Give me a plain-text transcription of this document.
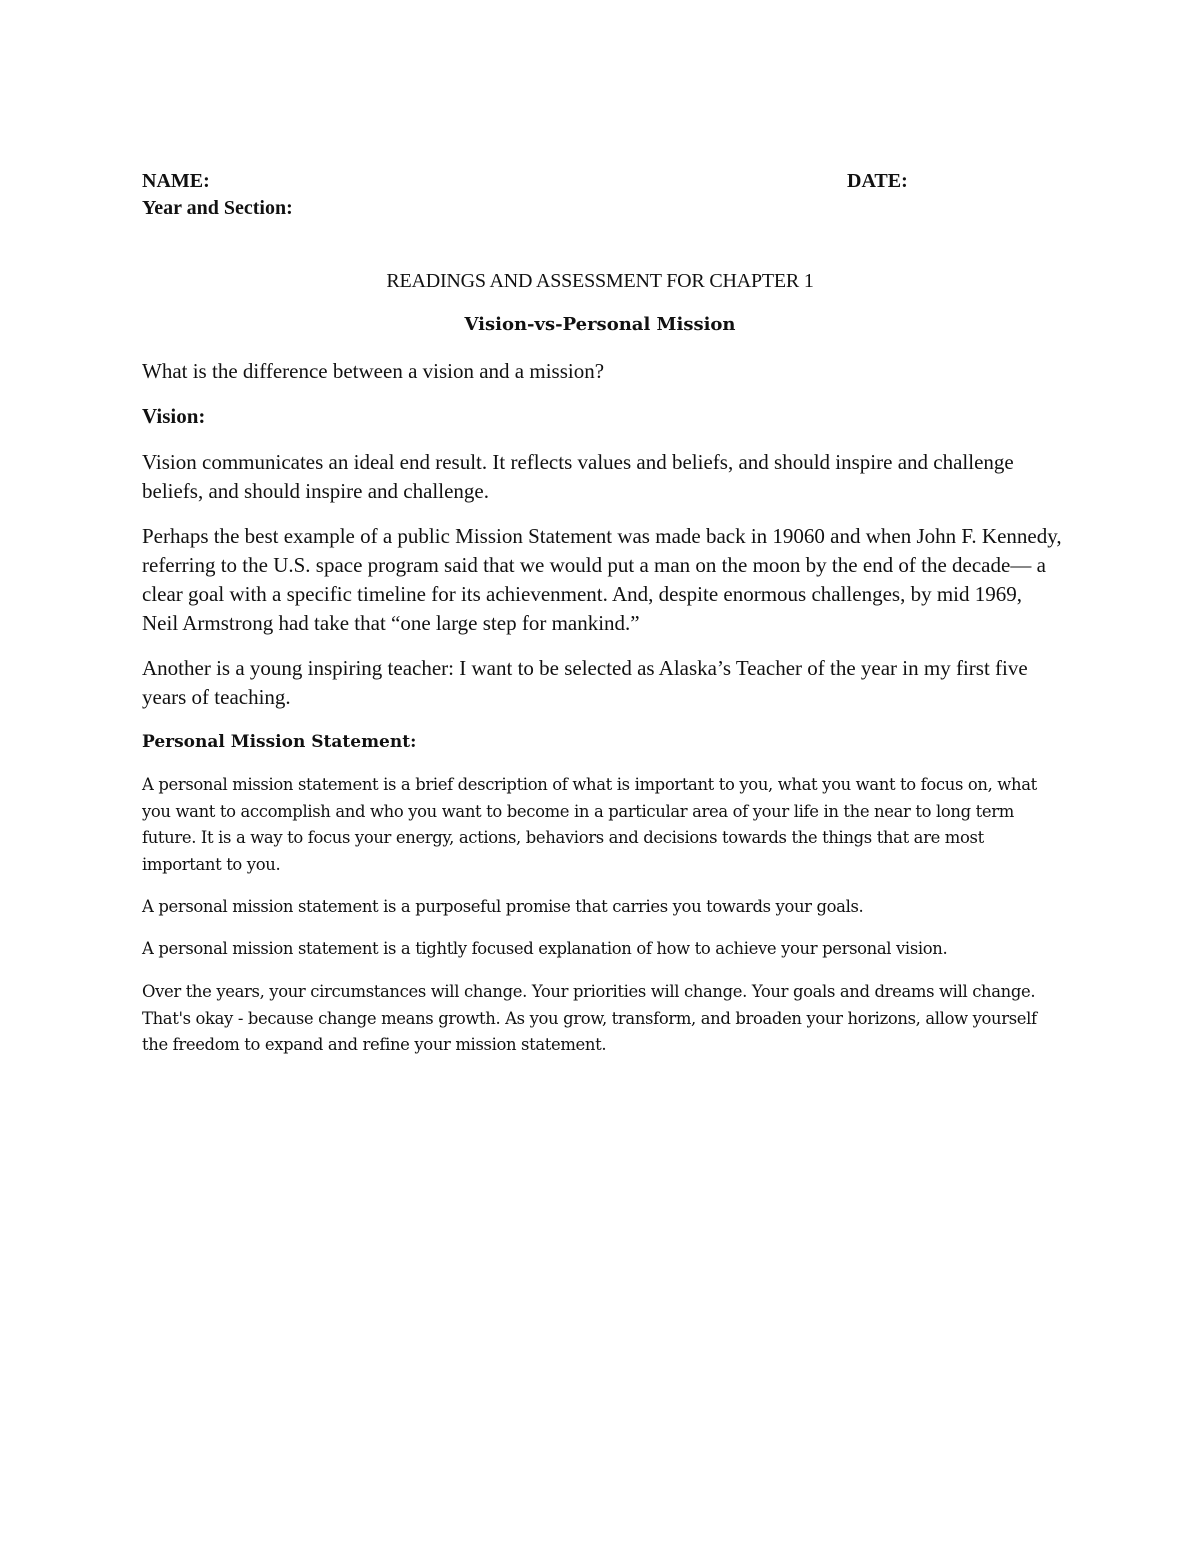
NAME:	DATE:
Year and Section:
READINGS AND ASSESSMENT FOR CHAPTER 1
Vision-vs-Personal Mission

What is the difference between a vision and a mission?

Vision:

Vision communicates an ideal end result. It reflects values and beliefs, and should inspire and challenge beliefs, and should inspire and challenge.

Perhaps the best example of a public Mission Statement was made back in 19060 and when John F. Kennedy, referring to the U.S. space program said that we would put a man on the moon by the end of the decade— a clear goal with a specific timeline for its achievenment. And, despite enormous challenges, by mid 1969, Neil Armstrong had take that “one large step for mankind.”

Another is a young inspiring teacher: I want to be selected as Alaska’s Teacher of the year in my first five years of teaching.

Personal Mission Statement:

A personal mission statement is a brief description of what is important to you, what you want to focus on, what you want to accomplish and who you want to become in a particular area of your life in the near to long term future. It is a way to focus your energy, actions, behaviors and decisions towards the things that are most important to you.

A personal mission statement is a purposeful promise that carries you towards your goals.

A personal mission statement is a tightly focused explanation of how to achieve your personal vision.

Over the years, your circumstances will change. Your priorities will change. Your goals and dreams will change. That's okay - because change means growth. As you grow, transform, and broaden your horizons, allow yourself the freedom to expand and refine your mission statement.
